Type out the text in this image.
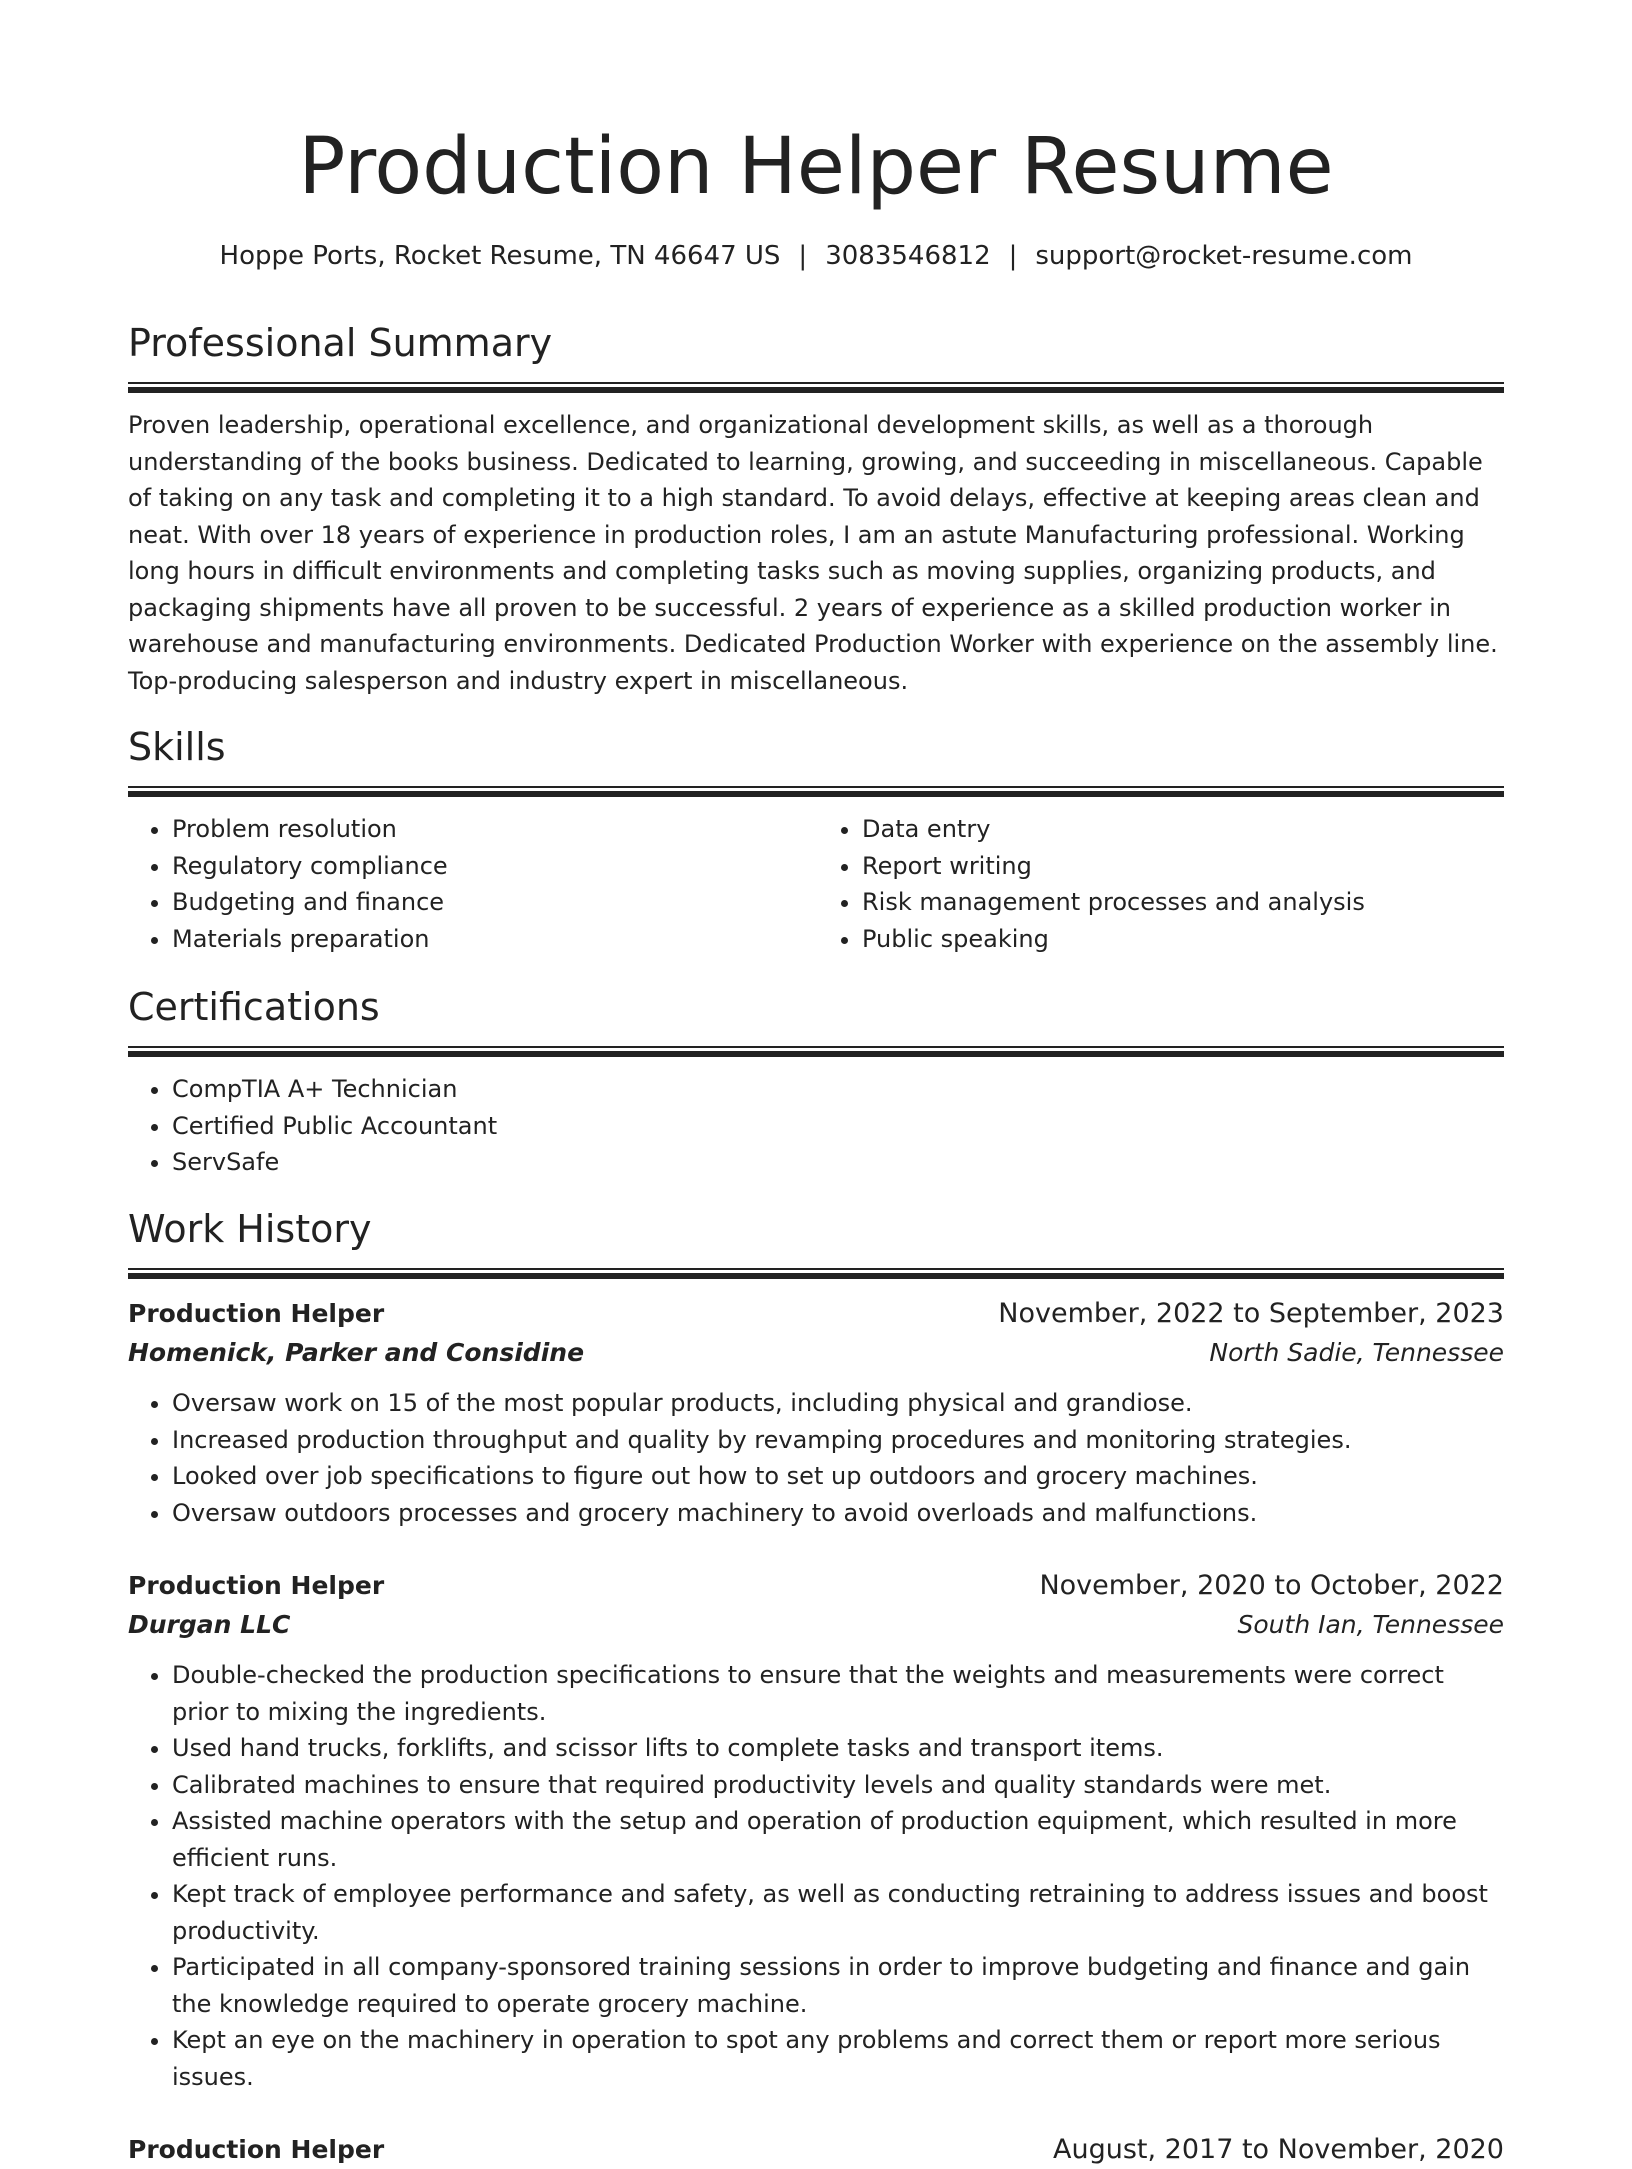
Production Helper Resume
Hoppe Ports, Rocket Resume, TN 46647 US | 3083546812 | support@rocket-resume.com
Professional Summary

Proven leadership, operational excellence, and organizational development skills, as well as a thorough understanding of the books business. Dedicated to learning, growing, and succeeding in miscellaneous. Capable of taking on any task and completing it to a high standard. To avoid delays, effective at keeping areas clean and neat. With over 18 years of experience in production roles, I am an astute Manufacturing professional. Working long hours in difficult environments and completing tasks such as moving supplies, organizing products, and packaging shipments have all proven to be successful. 2 years of experience as a skilled production worker in warehouse and manufacturing environments. Dedicated Production Worker with experience on the assembly line. Top-producing salesperson and industry expert in miscellaneous.

Skills
• Problem resolution
• Regulatory compliance
• Budgeting and finance
• Materials preparation
• Data entry
• Report writing
• Risk management processes and analysis
• Public speaking
Certifications
• CompTIA A+ Technician
• Certified Public Accountant
• ServSafe
Work History
Production Helper	November, 2022 to September, 2023
Homenick, Parker and Considine	North Sadie, Tennessee
• Oversaw work on 15 of the most popular products, including physical and grandiose.
• Increased production throughput and quality by revamping procedures and monitoring strategies.
• Looked over job specifications to figure out how to set up outdoors and grocery machines.
• Oversaw outdoors processes and grocery machinery to avoid overloads and malfunctions.
Production Helper	November, 2020 to October, 2022
Durgan LLC	South Ian, Tennessee
• Double-checked the production specifications to ensure that the weights and measurements were correct prior to mixing the ingredients.
• Used hand trucks, forklifts, and scissor lifts to complete tasks and transport items.
• Calibrated machines to ensure that required productivity levels and quality standards were met.
• Assisted machine operators with the setup and operation of production equipment, which resulted in more efficient runs.
• Kept track of employee performance and safety, as well as conducting retraining to address issues and boost productivity.
• Participated in all company-sponsored training sessions in order to improve budgeting and finance and gain the knowledge required to operate grocery machine.
• Kept an eye on the machinery in operation to spot any problems and correct them or report more serious issues.
Production Helper	August, 2017 to November, 2020
